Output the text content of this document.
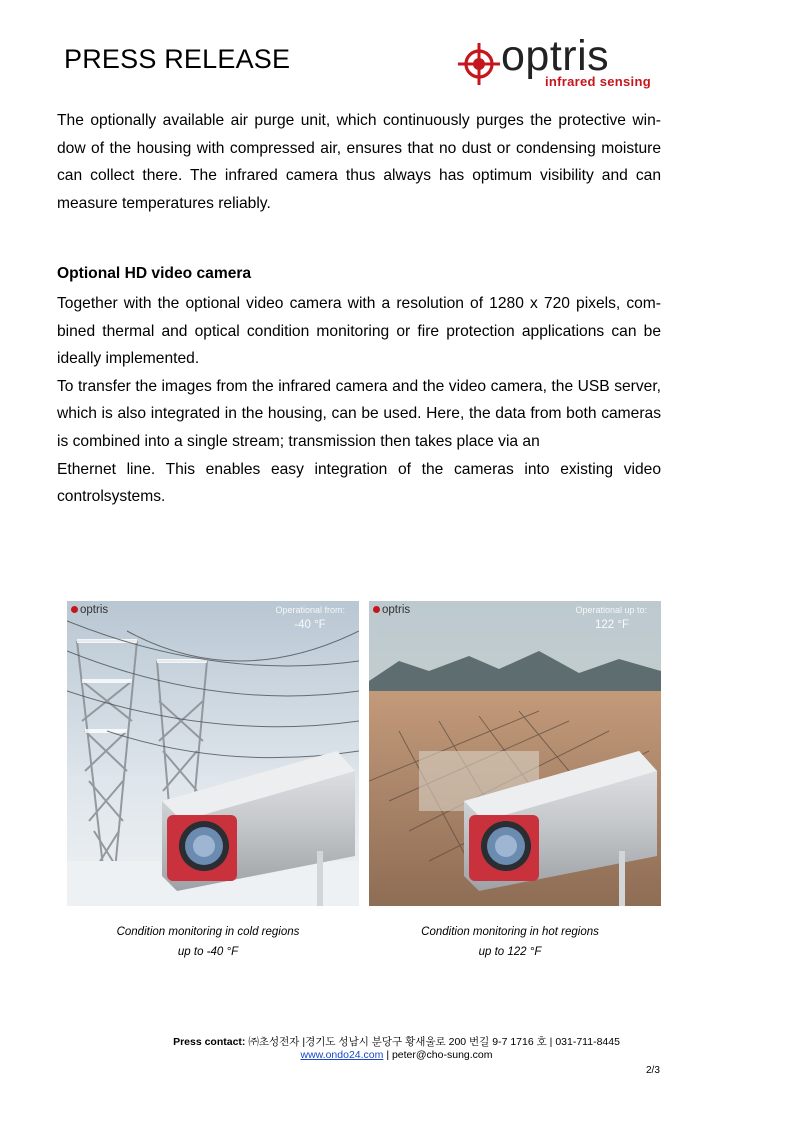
PRESS RELEASE	optris
infrared sensing
The optionally available air purge unit, which continuously purges the protective win-
dow of the housing with compressed air, ensures that no dust or condensing moisture
can collect there. The infrared camera thus always has optimum visibility and can
measure temperatures reliably.
Optional HD video camera
Together with the optional video camera with a resolution of 1280 x 720 pixels, com-
bined thermal and optical condition monitoring or fire protection applications can be
ideally implemented.
To transfer the images from the infrared camera and the video camera, the USB server,
which is also integrated in the housing, can be used. Here, the data from both cameras
is combined into a single stream; transmission then takes place via an
Ethernet line. This enables easy integration of the cameras into existing video
controlsystems.
optris	Operational from:
-40 °F
optris	Operational up to:
122 °F
Condition monitoring in cold regions
up to -40 °F
Condition monitoring in hot regions
up to 122 °F
Press contact: ㈜초성전자 |경기도 성남시 분당구 황새울로 200 번길 9-7 1716 호 | 031-711-8445
www.ondo24.com | peter@cho-sung.com
2/3
